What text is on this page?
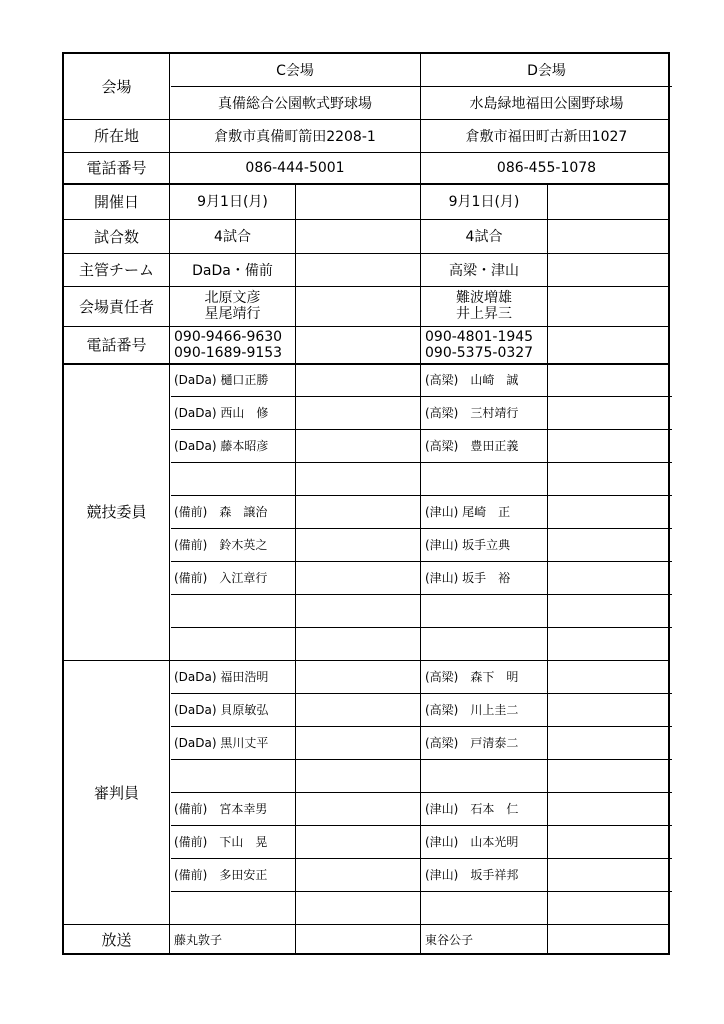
会場
所在地
電話番号
開催日
試合数
主管チーム
会場責任者
電話番号
競技委員
審判員
放送
C会場
真備総合公園軟式野球場
倉敷市真備町箭田2208-1
086-444-5001
9月1日(月)
4試合
DaDa・備前
北原文彦
星尾靖行
090-9466-9630
090-1689-9153
D会場
水島緑地福田公園野球場
倉敷市福田町古新田1027
086-455-1078
9月1日(月)
4試合
高梁・津山
難波増雄
井上昇三
090-4801-1945
090-5375-0327
(DaDa) 樋口正勝
(DaDa) 西山　修
(DaDa) 藤本昭彦
(備前)　森　譲治
(備前)　鈴木英之
(備前)　入江章行
(高梁)　山崎　誠
(高梁)　三村靖行
(高梁)　豊田正義
(津山) 尾崎　正
(津山) 坂手立典
(津山) 坂手　裕
(DaDa) 福田浩明
(DaDa) 貝原敏弘
(DaDa) 黒川丈平
(備前)　宮本幸男
(備前)　下山　晃
(備前)　多田安正
(高梁)　森下　明
(高梁)　川上圭二
(高梁)　戸清泰二
(津山)　石本　仁
(津山)　山本光明
(津山)　坂手祥邦
藤丸敦子	東谷公子
